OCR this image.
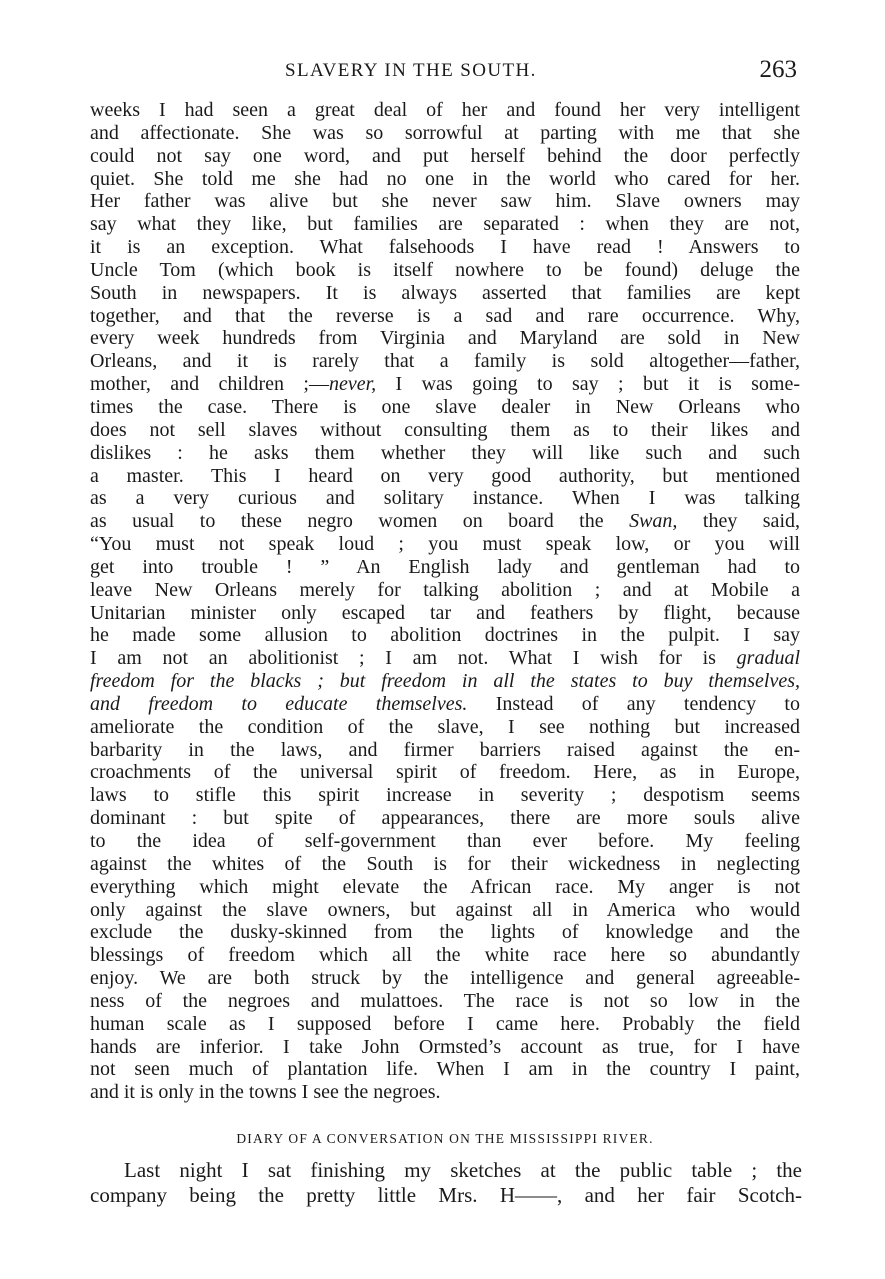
SLAVERY IN THE SOUTH.	263
weeks I had seen a great deal of her and found her very intelligent
and affectionate. She was so sorrowful at parting with me that she
could not say one word, and put herself behind the door perfectly
quiet. She told me she had no one in the world who cared for her.
Her father was alive but she never saw him. Slave owners may
say what they like, but families are separated : when they are not,
it is an exception. What falsehoods I have read ! Answers to
Uncle Tom (which book is itself nowhere to be found) deluge the
South in newspapers. It is always asserted that families are kept
together, and that the reverse is a sad and rare occurrence. Why,
every week hundreds from Virginia and Maryland are sold in New
Orleans, and it is rarely that a family is sold altogether—father,
mother, and children ;—never, I was going to say ; but it is some-
times the case. There is one slave dealer in New Orleans who
does not sell slaves without consulting them as to their likes and
dislikes : he asks them whether they will like such and such
a master. This I heard on very good authority, but mentioned
as a very curious and solitary instance. When I was talking
as usual to these negro women on board the Swan, they said,
“You must not speak loud ; you must speak low, or you will
get into trouble ! ” An English lady and gentleman had to
leave New Orleans merely for talking abolition ; and at Mobile a
Unitarian minister only escaped tar and feathers by flight, because
he made some allusion to abolition doctrines in the pulpit. I say
I am not an abolitionist ; I am not. What I wish for is gradual
freedom for the blacks ; but freedom in all the states to buy themselves,
and freedom to educate themselves. Instead of any tendency to
ameliorate the condition of the slave, I see nothing but increased
barbarity in the laws, and firmer barriers raised against the en-
croachments of the universal spirit of freedom. Here, as in Europe,
laws to stifle this spirit increase in severity ; despotism seems
dominant : but spite of appearances, there are more souls alive
to the idea of self-government than ever before. My feeling
against the whites of the South is for their wickedness in neglecting
everything which might elevate the African race. My anger is not
only against the slave owners, but against all in America who would
exclude the dusky-skinned from the lights of knowledge and the
blessings of freedom which all the white race here so abundantly
enjoy. We are both struck by the intelligence and general agreeable-
ness of the negroes and mulattoes. The race is not so low in the
human scale as I supposed before I came here. Probably the field
hands are inferior. I take John Ormsted’s account as true, for I have
not seen much of plantation life. When I am in the country I paint,
and it is only in the towns I see the negroes.
DIARY OF A CONVERSATION ON THE MISSISSIPPI RIVER.
Last night I sat finishing my sketches at the public table ; the
company being the pretty little Mrs. H——, and her fair Scotch-
